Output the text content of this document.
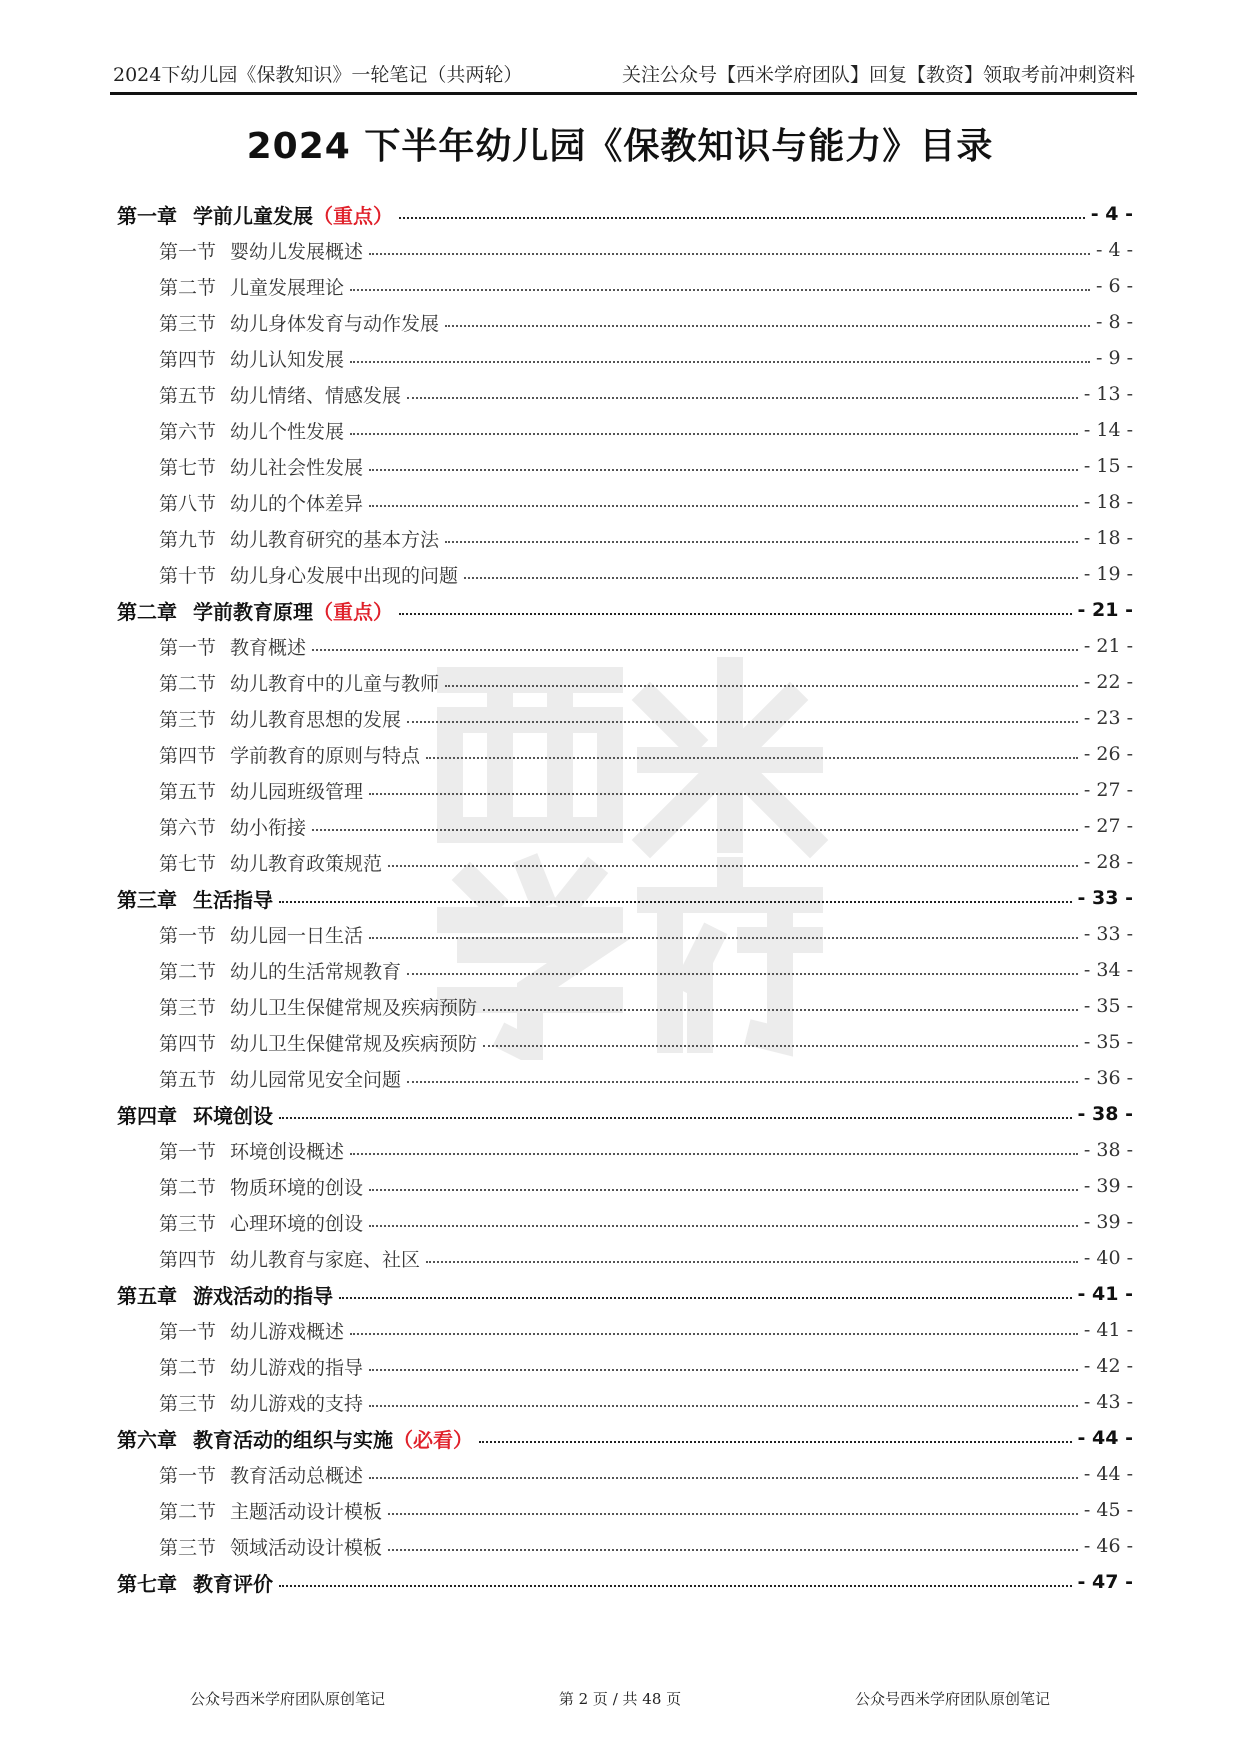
2024下幼儿园《保教知识》一轮笔记（共两轮）	关注公众号【西米学府团队】回复【教资】领取考前冲刺资料
2024 下半年幼儿园《保教知识与能力》目录
第一章 学前儿童发展 （重点）	- 4 -
第一节 婴幼儿发展概述	- 4 -
第二节 儿童发展理论	- 6 -
第三节 幼儿身体发育与动作发展	- 8 -
第四节 幼儿认知发展	- 9 -
第五节 幼儿情绪、情感发展	- 13 -
第六节 幼儿个性发展	- 14 -
第七节 幼儿社会性发展	- 15 -
第八节 幼儿的个体差异	- 18 -
第九节 幼儿教育研究的基本方法	- 18 -
第十节 幼儿身心发展中出现的问题	- 19 -
第二章 学前教育原理 （重点）	- 21 -
第一节 教育概述	- 21 -
第二节 幼儿教育中的儿童与教师	- 22 -
第三节 幼儿教育思想的发展	- 23 -
第四节 学前教育的原则与特点	- 26 -
第五节 幼儿园班级管理	- 27 -
第六节 幼小衔接	- 27 -
第七节 幼儿教育政策规范	- 28 -
第三章 生活指导	- 33 -
第一节 幼儿园一日生活	- 33 -
第二节 幼儿的生活常规教育	- 34 -
第三节 幼儿卫生保健常规及疾病预防	- 35 -
第四节 幼儿卫生保健常规及疾病预防	- 35 -
第五节 幼儿园常见安全问题	- 36 -
第四章 环境创设	- 38 -
第一节 环境创设概述	- 38 -
第二节 物质环境的创设	- 39 -
第三节 心理环境的创设	- 39 -
第四节 幼儿教育与家庭、社区	- 40 -
第五章 游戏活动的指导	- 41 -
第一节 幼儿游戏概述	- 41 -
第二节 幼儿游戏的指导	- 42 -
第三节 幼儿游戏的支持	- 43 -
第六章 教育活动的组织与实施 （必看）	- 44 -
第一节 教育活动总概述	- 44 -
第二节 主题活动设计模板	- 45 -
第三节 领域活动设计模板	- 46 -
第七章 教育评价	- 47 -
公众号西米学府团队原创笔记	第 2 页 / 共 48 页	公众号西米学府团队原创笔记
